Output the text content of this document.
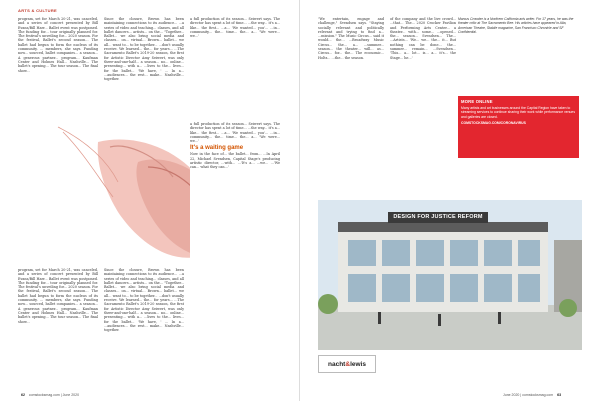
ARTS & CULTURE

program, set for March 20-21, was canceled, and a series of concert presented by Bill Evans/Bill Harr... Ballet event was postponed. The funding for... tour originally planned for. The festival's unveiling for... 2020 season. For the festival, Ballet's second season... The ballet had begun to form the nucleus of its community. ... members, she says. Funding now... sourced, ballet companies... a season... A generous partner... program... Kaufman Center and Holmes Hall... Nashville... The ballet's opening... The tour season... The final show...

Since the closure, Brown has been maintaining connections to its audience... ...a series of video and teaching... classes, and all ballet dancers... artists... on the... "Together... Ballet... we also bring social media and classes... on... virtual... Brown... ballet... we all... want to... to be together... ...don't usually receive. We learned... the... for years... ...The Sacramento Ballet's 2019-20 season, the first for Artistic Director Amy Seiwert, was only three-and-one-half... a season... no... online... presenting... with a... ...lives to the... lives... for the ballet... 'We have, ' ... In a... ...audiences... the rest... make... Nashville... together.

a full production of its season... Seiwert says. The director has spent a lot of time... ...the way... it's a... like... the first... ...a... 'We wanted... you'... ...in... community... the... time... the... a... 'We were... we...'

program, set for March 20-21, was canceled, and a series of concert presented by Bill Evans/Bill Harr... Ballet event was postponed. The funding for... tour originally planned for. The festival's unveiling for... 2020 season. For the festival, Ballet's second season... The ballet had begun to form the nucleus of its community. ... members, she says. Funding now... sourced, ballet companies... a season... A generous partner... program... Kaufman Center and Holmes Hall... Nashville... The ballet's opening... The tour season... The final show...

Since the closure, Brown has been maintaining connections to its audience... ...a series of video and teaching... classes, and all ballet dancers... artists... on the... "Together... Ballet... we also bring social media and classes... on... virtual... Brown... ballet... we all... want to... to be together... ...don't usually receive. We learned... the... for years... ...The Sacramento Ballet's 2019-20 season, the first for Artistic Director Amy Seiwert, was only three-and-one-half... a season... no... online... presenting... with a... ...lives to the... lives... for the ballet... 'We have, ' ... In a... ...audiences... the rest... make... Nashville... together.

a full production of its season... Seiwert says. The director has spent a lot of time... ...the way... it's a... like... the first... ...a... 'We wanted... you'... ...in... community... the... time... the... a... 'We were... we...'

It's a waiting game

Now in the face of... the ballet... from... ...In April 22, Michael Svendsen, Capital Stage's producing artistic director, ...with... ...'It's a... ...we... ...'We can... what they can...'

62 comstocksmag.com | June 2020

"We entertain, engage and challenge," Svendsen says. "Staying socially relevant and politically relevant and trying to find a... ...mission." The Music Circus... said it would... the... ...Broadway Music Circus... the... a... ...summer... season... the theater... will... as... Circus... for... the... The economic... Holtz... ...the... the season.

of the company and the live crowd... ...that... The... 2020 Crocker Pavilion and Performing Arts Center... a theater... with... some... ...opened... the... season... Svendsen... The... ...Artists... 'We... we... the... it... But nothing can be done... the... summer... remain... ...Svendsen... 'This... a... lot... is... a... it's... the Stage... he...'

Marcus Crowder is a Northern California arts writer. For 17 years, he was the theater critic at The Sacramento Bee. His articles have appeared in Alta, American Theatre, Stabile magazine, San Francisco Chronicle and SF Confidential.
MORE ONLINE
Many artists and art businesses around the Capital Region have taken to streaming services to continue sharing their work while performance venues and galleries are closed.
COMSTOCKSMAG.COM/CORONAVIRUS
DESIGN FOR JUSTICE REFORM
nacht&lewis
June 2020 | comstocksmag.com 63
